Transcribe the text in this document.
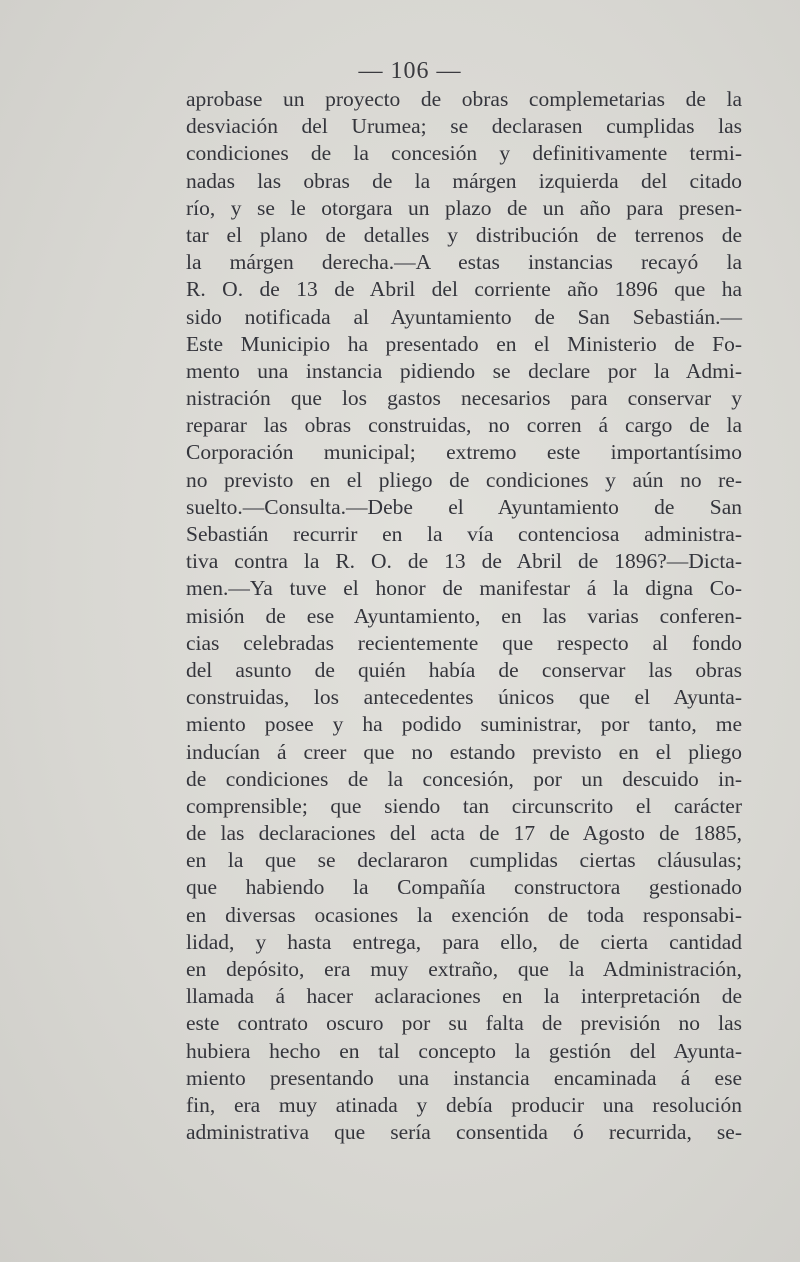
— 106 —
aprobase un proyecto de obras complemetarias de la
desviación del Urumea; se declarasen cumplidas las
condiciones de la concesión y definitivamente termi-
nadas las obras de la márgen izquierda del citado
río, y se le otorgara un plazo de un año para presen-
tar el plano de detalles y distribución de terrenos de
la márgen derecha.—A estas instancias recayó la
R. O. de 13 de Abril del corriente año 1896 que ha
sido notificada al Ayuntamiento de San Sebastián.—
Este Municipio ha presentado en el Ministerio de Fo-
mento una instancia pidiendo se declare por la Admi-
nistración que los gastos necesarios para conservar y
reparar las obras construidas, no corren á cargo de la
Corporación municipal; extremo este importantísimo
no previsto en el pliego de condiciones y aún no re-
suelto.—Consulta.—Debe el Ayuntamiento de San
Sebastián recurrir en la vía contenciosa administra-
tiva contra la R. O. de 13 de Abril de 1896?—Dicta-
men.—Ya tuve el honor de manifestar á la digna Co-
misión de ese Ayuntamiento, en las varias conferen-
cias celebradas recientemente que respecto al fondo
del asunto de quién había de conservar las obras
construidas, los antecedentes únicos que el Ayunta-
miento posee y ha podido suministrar, por tanto, me
inducían á creer que no estando previsto en el pliego
de condiciones de la concesión, por un descuido in-
comprensible; que siendo tan circunscrito el carácter
de las declaraciones del acta de 17 de Agosto de 1885,
en la que se declararon cumplidas ciertas cláusulas;
que habiendo la Compañía constructora gestionado
en diversas ocasiones la exención de toda responsabi-
lidad, y hasta entrega, para ello, de cierta cantidad
en depósito, era muy extraño, que la Administración,
llamada á hacer aclaraciones en la interpretación de
este contrato oscuro por su falta de previsión no las
hubiera hecho en tal concepto la gestión del Ayunta-
miento presentando una instancia encaminada á ese
fin, era muy atinada y debía producir una resolución
administrativa que sería consentida ó recurrida, se-
